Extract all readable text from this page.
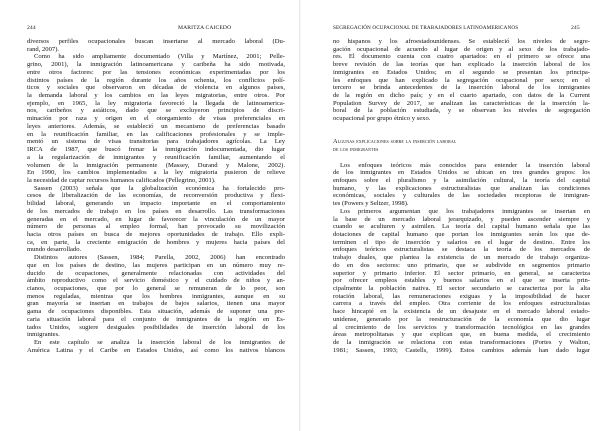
244	MARITZA CAICEDO
diversos perfiles ocupacionales buscan insertarse al mercado laboral (Du-
rand, 2007).
Como ha sido ampliamente documentado (Villa y Martínez, 2001; Pelle-
grino, 2001), la inmigración latinoamericana y caribeña ha sido motivada,
entre otros factores: por las tensiones económicas experimentadas por los
distintos países de la región durante los años ochenta, los conflictos polí-
ticos y sociales que observaron en décadas de violencia en algunos países,
la demanda laboral y los cambios en las leyes migratorias, entre otros. Por
ejemplo, en 1965, la ley migratoria favoreció la llegada de latinoamerica-
nos, caribeños y asiáticos, dado que se excluyeron principios de discri-
minación por raza y origen en el otorgamiento de visas preferenciales en
leyes anteriores. Además, se estableció un mecanismo de preferencias basado
en la reunificación familiar, en las calificaciones profesionales y se imple-
mentó un sistema de visas transitorias para trabajadores agrícolas. La Ley
IRCA de 1987, que buscó frenar la inmigración indocumentada, dio lugar
a la regularización de inmigrantes y reunificación familiar, aumentando el
volumen de la inmigración permanente (Massey, Durand y Malone, 2002).
En 1990, los cambios implementados a la ley migratoria pusieron de relieve
la necesidad de captar recursos humanos calificados (Pellegrino, 2001).
Sassen (2003) señala que la globalización económica ha fortalecido pro-
cesos de liberalización de las economías, de reconversión productiva y flexi-
bilidad laboral, generando un impacto importante en el comportamiento
de los mercados de trabajo en los países en desarrollo. Las transformaciones
generadas en el mercado, en lugar de favorecer la vinculación de un mayor
número de personas al empleo formal, han provocado su movilización
hacia otros países en busca de mejores oportunidades de trabajo. Ello expli-
ca, en parte, la creciente emigración de hombres y mujeres hacia países del
mundo desarrollado.
Distintos autores (Sassen, 1984; Parella, 2002, 2006) han encontrado
que en los países de destino, las mujeres participan en un número muy re-
ducido de ocupaciones, generalmente relacionadas con actividades del
ámbito reproductivo como el servicio doméstico y el cuidado de niños y an-
cianos, ocupaciones, que por lo general se remuneran de lo peor, son
menos reguladas, mientras que los hombres inmigrantes, aunque en su
gran mayoría se insertan en trabajos de bajos salarios, tienen una mayor
gama de ocupaciones disponibles. Esta situación, además de suponer una pre-
caria situación laboral para el conjunto de inmigrantes de la región en Es-
tados Unidos, sugiere desiguales posibilidades de inserción laboral de los
inmigrantes.
En este capítulo se analiza la inserción laboral de los inmigrantes de
América Latina y el Caribe en Estados Unidos, así como los nativos blancos
SEGREGACIÓN OCUPACIONAL DE TRABAJADORES LATINOAMERICANOS	245
no hispanos y los afroestadounidenses. Se estableció los niveles de segre-
gación ocupacional de acuerdo al lugar de origen y al sexo de los trabajado-
res. El documento cuenta con cuatro apartados: en el primero se ofrece una
breve revisión de las teorías que han explicado la inserción laboral de los
inmigrantes en Estados Unidos; en el segundo se presentan los principa-
les enfoques que han explicado la segregación ocupacional por sexo; en el
tercero se brinda antecedentes de la inserción laboral de los inmigrantes
de la región en dicho país; y en el cuarto apartado, con datos de la Current
Population Survey de 2017, se analizan las características de la inserción la-
boral de la población estudiada, y se observan los niveles de segregación
ocupacional por grupo étnico y sexo.
Algunas explicaciones sobre la inserción laboral
de los inmigrantes
Los enfoques teóricos más conocidos para entender la inserción laboral
de los inmigrantes en Estados Unidos se ubican en tres grandes grupos: los
enfoques sobre el pluralismo y la asimilación cultural, la teoría del capital
humano, y las explicaciones estructuralistas que analizan las condiciones
económicas, sociales y culturales de las sociedades receptoras de inmigran-
tes (Powers y Seltzer, 1998).
Los primeros argumentan que los trabajadores inmigrantes se insertan en
la base de un mercado laboral jerarquizado, y pueden ascender siempre y
cuando se aculturen y asimilen. La teoría del capital humano señala que las
dotaciones de capital humano que portan los inmigrantes serán los que de-
terminen el tipo de inserción y salarios en el lugar de destino. Entre los
enfoques teóricos estructuralistas se destaca la teoría de los mercados de
trabajo duales, que plantea la existencia de un mercado de trabajo organiza-
do en dos sectores: uno primario, que se subdivide en segmentos primario
superior y primario inferior. El sector primario, en general, se caracteriza
por ofrecer empleos estables y buenos salarios en el que se inserta prin-
cipalmente la población nativa. El sector secundario se caracteriza por la alta
rotación laboral, las remuneraciones exiguas y la imposibilidad de hacer
carrera a través del empleo. Otra corriente de los enfoques estructuralistas
hace hincapié en la existencia de un desajuste en el mercado laboral estado-
unidense, generado por la reestructuración de la economía que dio lugar
al crecimiento de los servicios y transformación tecnológica en las grandes
áreas metropolitanas y que explican que, en buena medida, el crecimiento
de la inmigración se relaciona con estas transformaciones (Portes y Walton,
1981; Sassen, 1993; Castells, 1999). Estos cambios además han dado lugar
